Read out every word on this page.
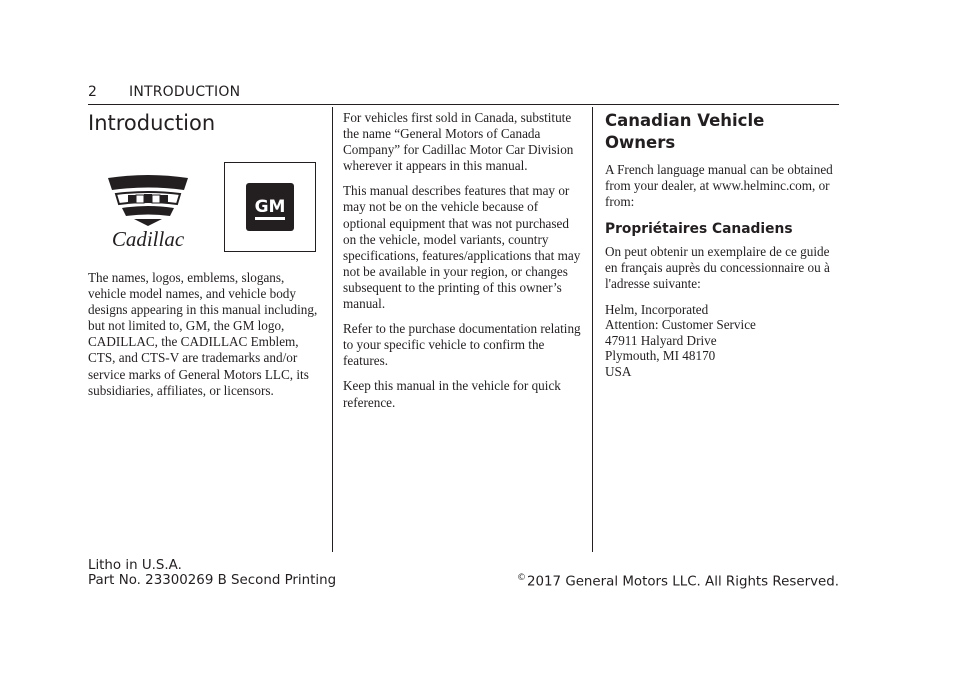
2 INTRODUCTION
Introduction
Cadillac
GM

The names, logos, emblems, slogans, vehicle model names, and vehicle body designs appearing in this manual including, but not limited to, GM, the GM logo, CADILLAC, the CADILLAC Emblem, CTS, and CTS-V are trademarks and/or service marks of General Motors LLC, its subsidiaries, affiliates, or licensors.

For vehicles first sold in Canada, substitute the name “General Motors of Canada Company” for Cadillac Motor Car Division wherever it appears in this manual.

This manual describes features that may or may not be on the vehicle because of optional equipment that was not purchased on the vehicle, model variants, country specifications, features/applications that may not be available in your region, or changes subsequent to the printing of this owner’s manual.

Refer to the purchase documentation relating to your specific vehicle to confirm the features.

Keep this manual in the vehicle for quick reference.

Canadian Vehicle Owners

A French language manual can be obtained from your dealer, at www.helminc.com, or from:

Propriétaires Canadiens

On peut obtenir un exemplaire de ce guide en français auprès du concessionnaire ou à l'adresse suivante:

Helm, Incorporated
Attention: Customer Service
47911 Halyard Drive
Plymouth, MI 48170
USA
Litho in U.S.A.
Part No. 23300269 B Second Printing	©2017 General Motors LLC. All Rights Reserved.
